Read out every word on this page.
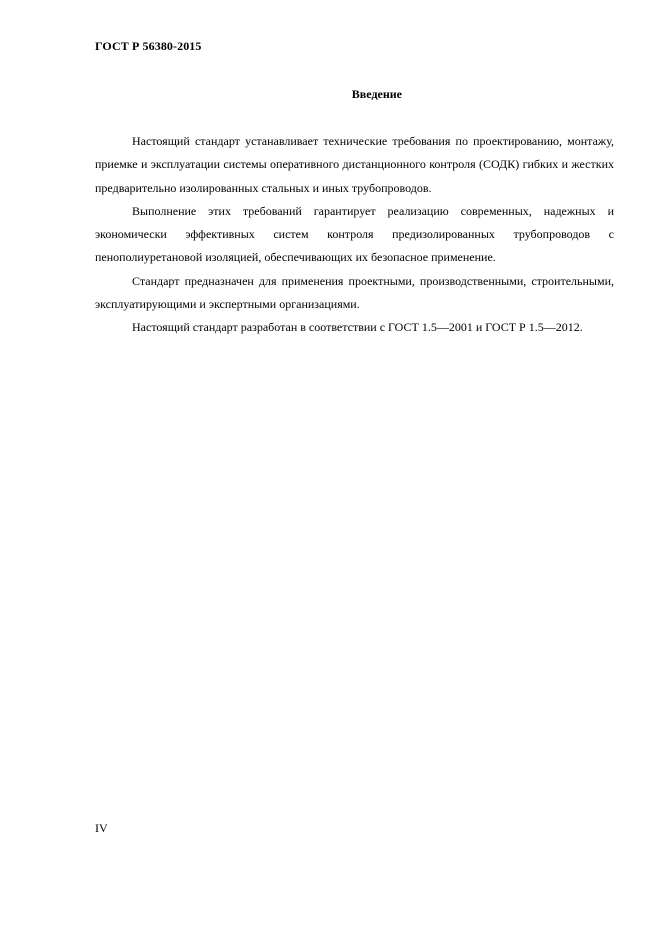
ГОСТ Р 56380-2015
Введение

Настоящий стандарт устанавливает технические требования по проектированию, монтажу, приемке и эксплуатации системы оперативного дистанционного контроля (СОДК) гибких и жестких предварительно изолированных стальных и иных трубопроводов.

Выполнение этих требований гарантирует реализацию современных, надежных и экономически эффективных систем контроля предизолированных трубопроводов с пенополиуретановой изоляцией, обеспечивающих их безопасное применение.

Стандарт предназначен для применения проектными, производственными, строительными, эксплуатирующими и экспертными организациями.

Настоящий стандарт разработан в соответствии с ГОСТ 1.5—2001 и ГОСТ Р 1.5—2012.

IV
